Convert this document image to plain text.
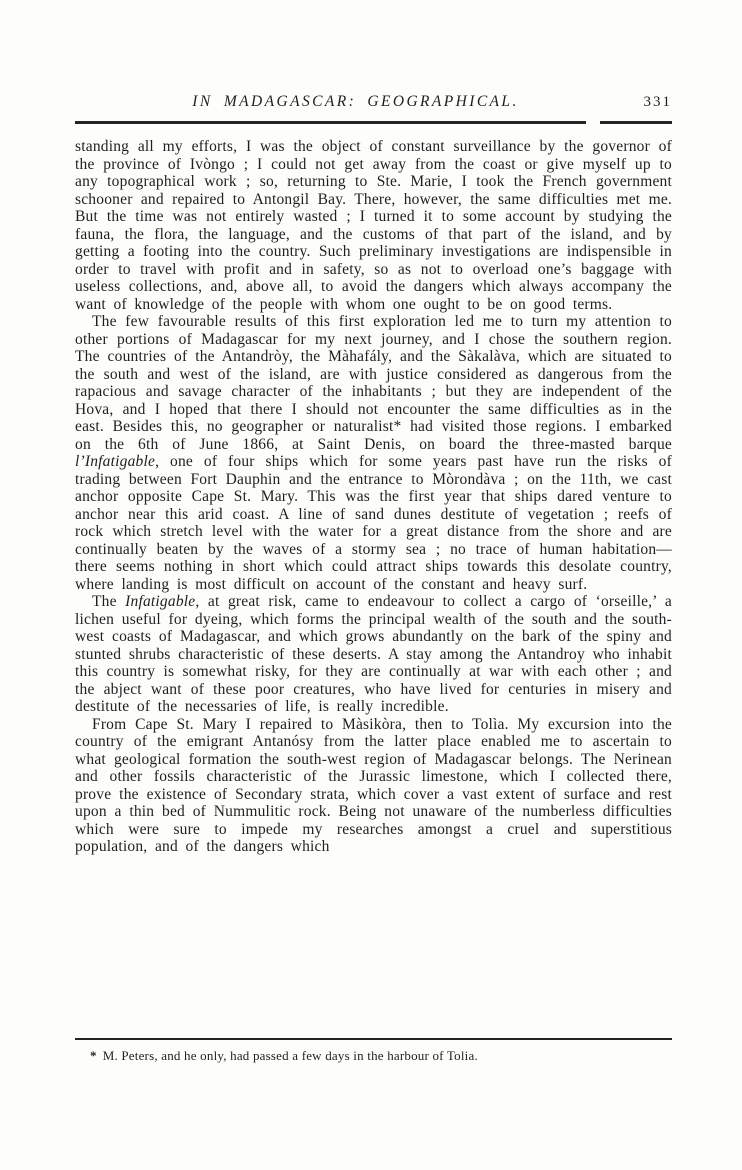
IN MADAGASCAR: GEOGRAPHICAL.	331

standing all my efforts, I was the object of constant surveillance by the governor of the province of Ivòngo ; I could not get away from the coast or give myself up to any topographical work ; so, returning to Ste. Marie, I took the French government schooner and repaired to Antongil Bay. There, however, the same difficulties met me. But the time was not entirely wasted ; I turned it to some account by studying the fauna, the flora, the language, and the customs of that part of the island, and by getting a footing into the country. Such preliminary investigations are indispensible in order to travel with profit and in safety, so as not to overload one’s baggage with useless collections, and, above all, to avoid the dangers which always accompany the want of knowledge of the people with whom one ought to be on good terms.

The few favourable results of this first exploration led me to turn my attention to other portions of Madagascar for my next journey, and I chose the southern region. The countries of the Antandròy, the Màhafály, and the Sàkalàva, which are situated to the south and west of the island, are with justice considered as dangerous from the rapacious and savage character of the inhabitants ; but they are independent of the Hova, and I hoped that there I should not encounter the same difficulties as in the east. Besides this, no geographer or naturalist* had visited those regions. I embarked on the 6th of June 1866, at Saint Denis, on board the three-masted barque l’Infatigable, one of four ships which for some years past have run the risks of trading between Fort Dauphin and the entrance to Mòrondàva ; on the 11th, we cast anchor opposite Cape St. Mary. This was the first year that ships dared venture to anchor near this arid coast. A line of sand dunes destitute of vegetation ; reefs of rock which stretch level with the water for a great distance from the shore and are continually beaten by the waves of a stormy sea ; no trace of human habitation—there seems nothing in short which could attract ships towards this desolate country, where landing is most difficult on account of the constant and heavy surf.

The Infatigable, at great risk, came to endeavour to collect a cargo of ‘orseille,’ a lichen useful for dyeing, which forms the principal wealth of the south and the south-west coasts of Madagascar, and which grows abundantly on the bark of the spiny and stunted shrubs characteristic of these deserts. A stay among the Antandroy who inhabit this country is somewhat risky, for they are continually at war with each other ; and the abject want of these poor creatures, who have lived for centuries in misery and destitute of the necessaries of life, is really incredible.

From Cape St. Mary I repaired to Màsikòra, then to Tolìa. My excursion into the country of the emigrant Antanósy from the latter place enabled me to ascertain to what geological formation the south-west region of Madagascar belongs. The Nerinean and other fossils characteristic of the Jurassic limestone, which I collected there, prove the existence of Secondary strata, which cover a vast extent of surface and rest upon a thin bed of Nummulitic rock. Being not unaware of the numberless difficulties which were sure to impede my researches amongst a cruel and superstitious population, and of the dangers which

* M. Peters, and he only, had passed a few days in the harbour of Tolia.
